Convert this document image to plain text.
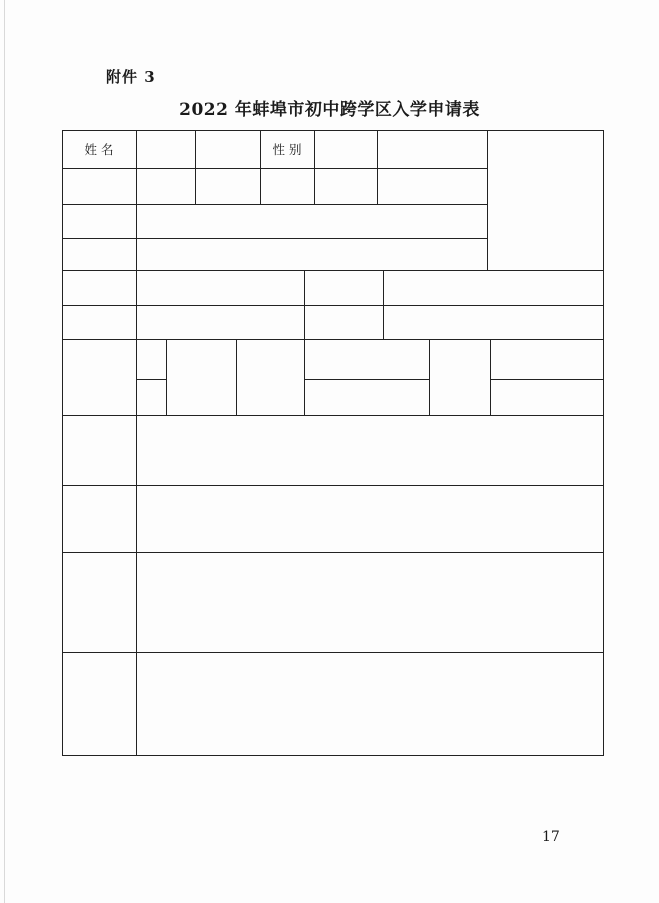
附件 3
2022 年蚌埠市初中跨学区入学申请表
姓 名	性 别
17
